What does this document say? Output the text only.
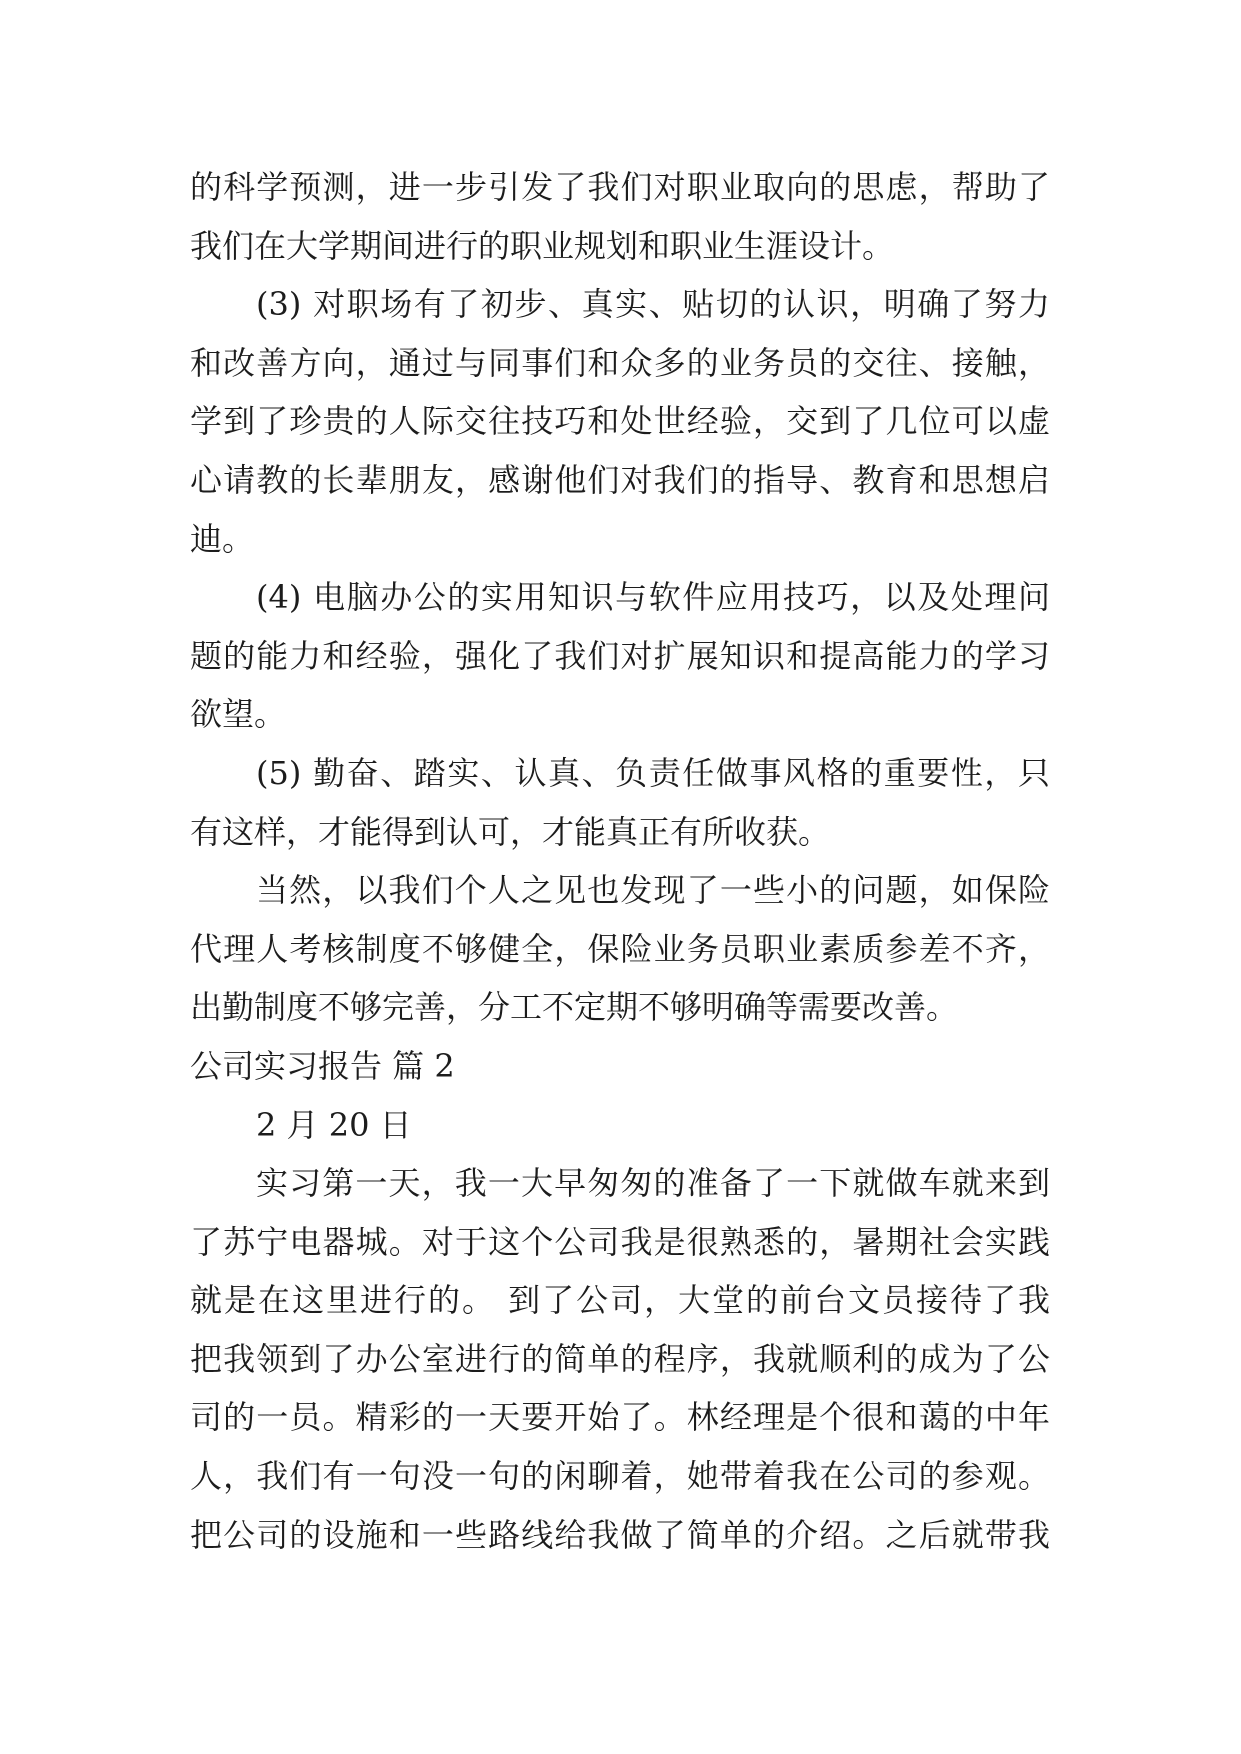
的科学预测，进一步引发了我们对职业取向的思虑，帮助了
我们在大学期间进行的职业规划和职业生涯设计。
(3) 对职场有了初步、真实、贴切的认识，明确了努力
和改善方向，通过与同事们和众多的业务员的交往、接触，
学到了珍贵的人际交往技巧和处世经验，交到了几位可以虚
心请教的长辈朋友，感谢他们对我们的指导、教育和思想启
迪。
(4) 电脑办公的实用知识与软件应用技巧，以及处理问
题的能力和经验，强化了我们对扩展知识和提高能力的学习
欲望。
(5) 勤奋、踏实、认真、负责任做事风格的重要性，只
有这样，才能得到认可，才能真正有所收获。
当然，以我们个人之见也发现了一些小的问题，如保险
代理人考核制度不够健全，保险业务员职业素质参差不齐，
出勤制度不够完善，分工不定期不够明确等需要改善。
公司实习报告 篇 2
2 月 20 日
实习第一天，我一大早匆匆的准备了一下就做车就来到
了苏宁电器城。对于这个公司我是很熟悉的，暑期社会实践
就是在这里进行的。 到了公司，大堂的前台文员接待了我
把我领到了办公室进行的简单的程序，我就顺利的成为了公
司的一员。精彩的一天要开始了。林经理是个很和蔼的中年
人，我们有一句没一句的闲聊着，她带着我在公司的参观。
把公司的设施和一些路线给我做了简单的介绍。之后就带我
